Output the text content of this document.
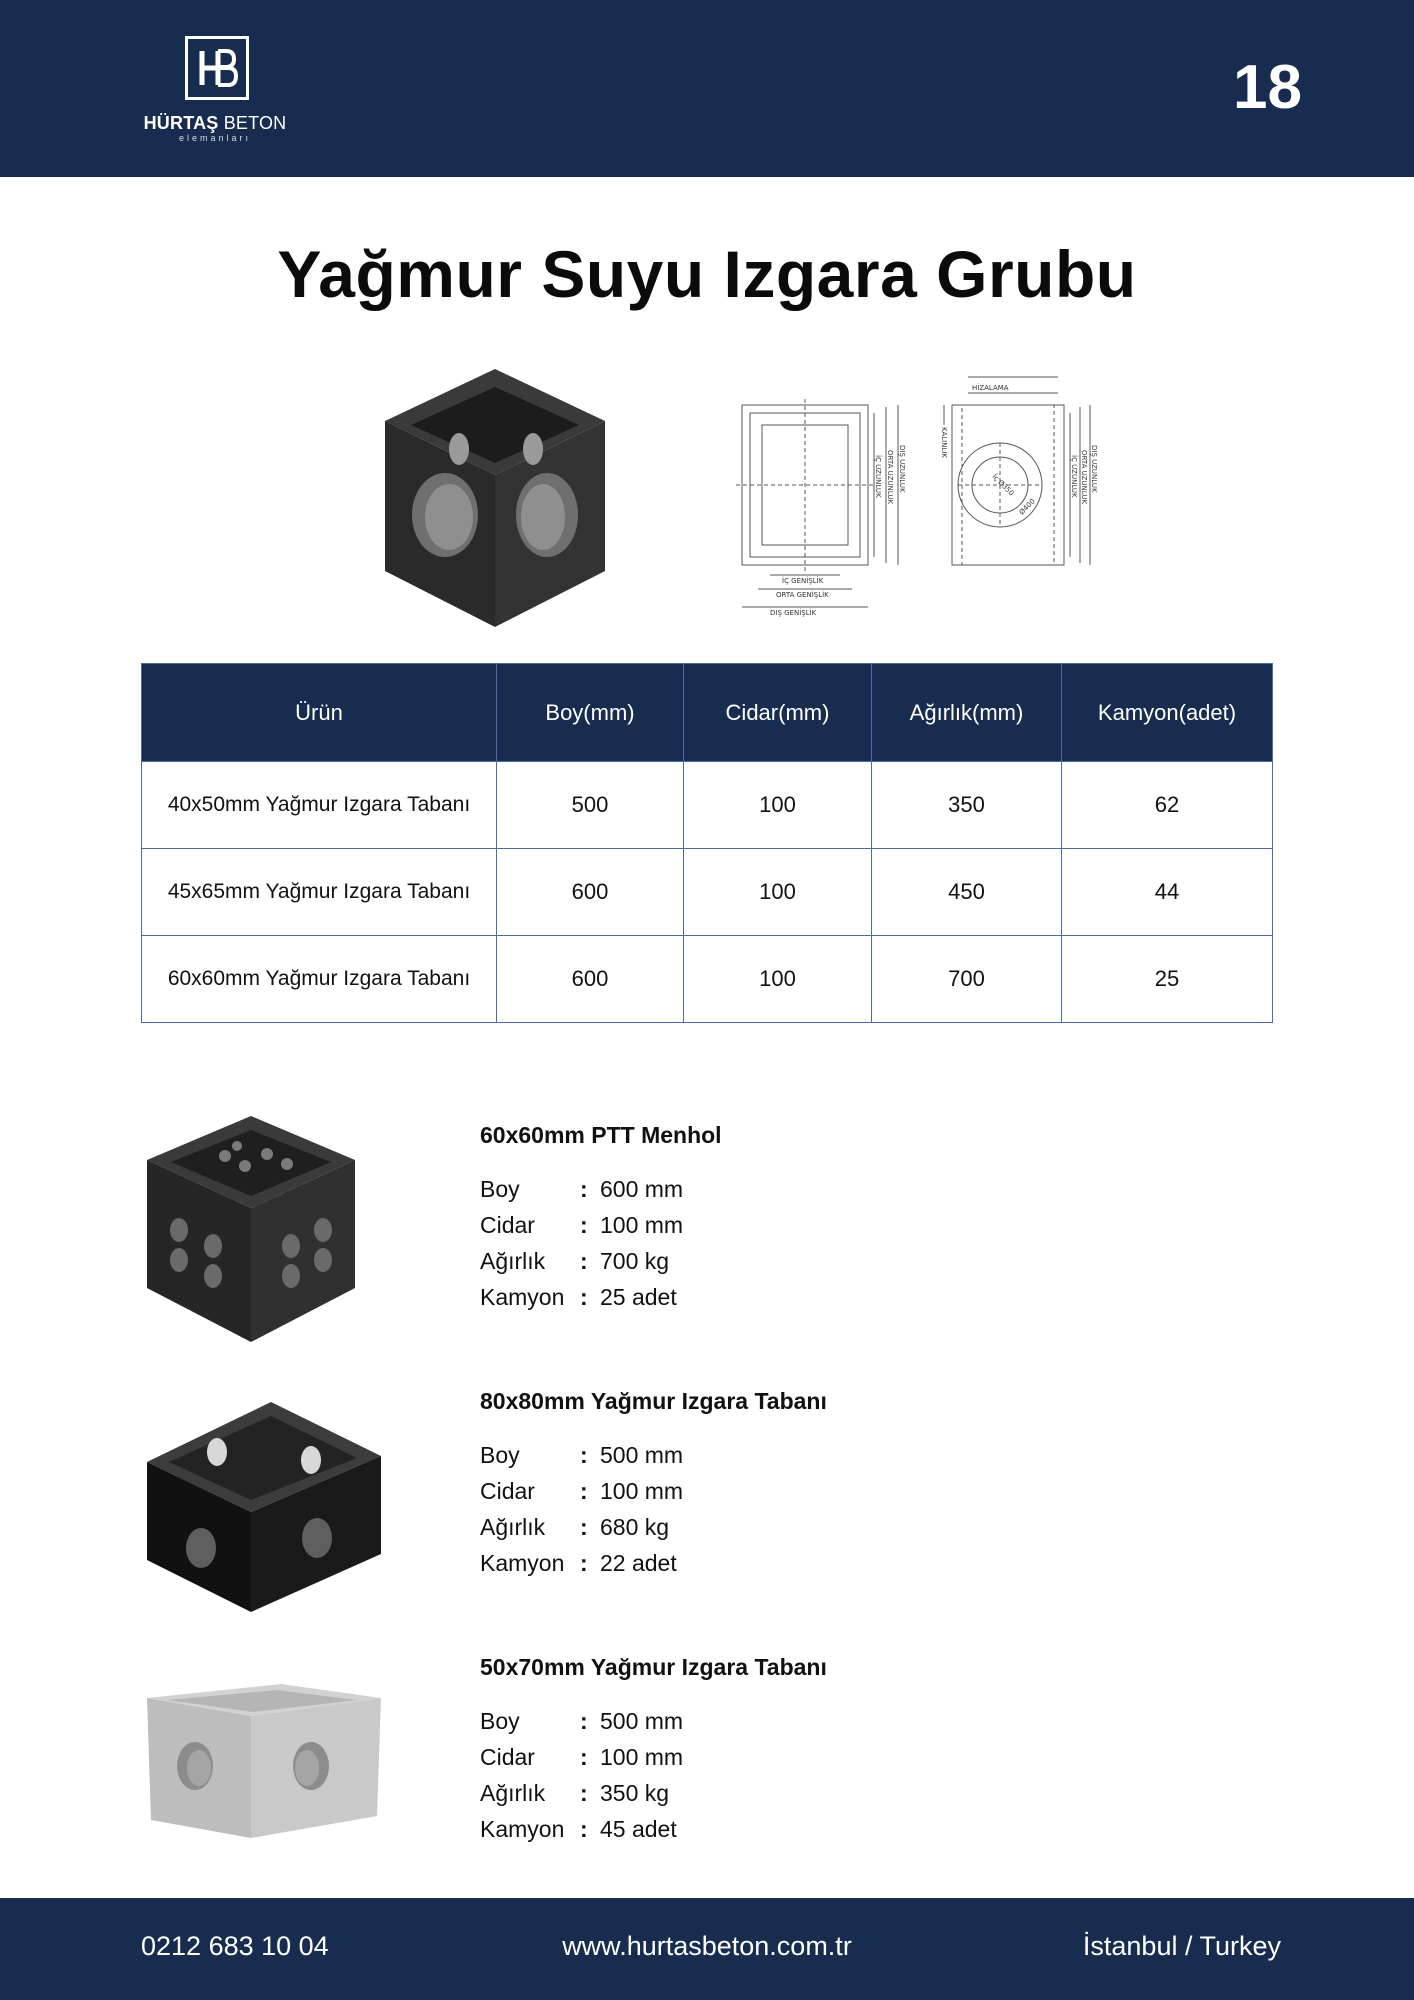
HÜRTAŞ BETON
elemanları
18
Yağmur Suyu Izgara Grubu
İÇ GENİŞLİK
ORTA GENİŞLİK
DIŞ GENİŞLİK
İÇ UZUNLUK ORTA UZUNLUK DIŞ UZUNLUK
HİZALAMA
KALINLIK
İç Ø350
Ø400
İÇ UZUNLUK ORTA UZUNLUK DIŞ UZUNLUK
Ürün	Boy(mm)	Cidar(mm)	Ağırlık(mm)	Kamyon(adet)
40x50mm Yağmur Izgara Tabanı	500	100	350	62
45x65mm Yağmur Izgara Tabanı	600	100	450	44
60x60mm Yağmur Izgara Tabanı	600	100	700	25
60x60mm PTT Menhol
Boy	: 600 mm
Cidar	: 100 mm
Ağırlık	: 700 kg
Kamyon : 25 adet
80x80mm Yağmur Izgara Tabanı
Boy	: 500 mm
Cidar	: 100 mm
Ağırlık	: 680 kg
Kamyon : 22 adet
50x70mm Yağmur Izgara Tabanı
Boy	: 500 mm
Cidar	: 100 mm
Ağırlık	: 350 kg
Kamyon : 45 adet
0212 683 10 04	www.hurtasbeton.com.tr	İstanbul / Turkey
